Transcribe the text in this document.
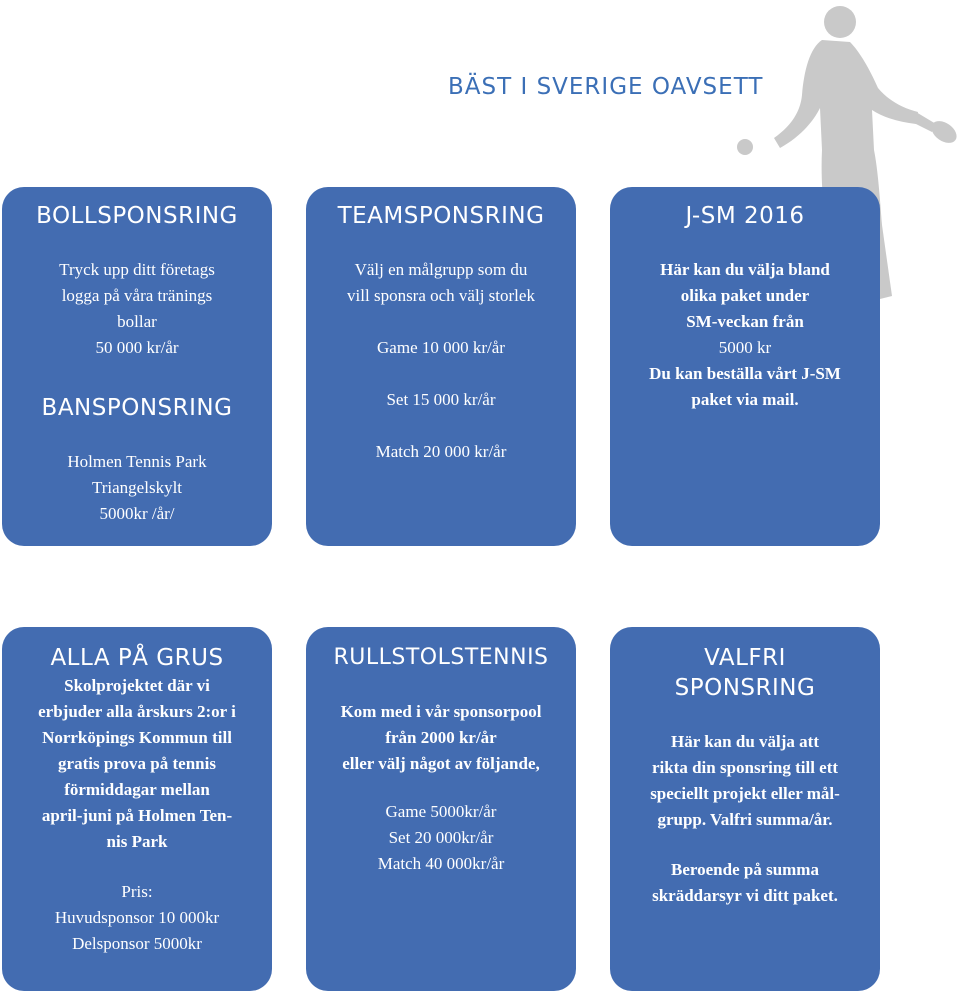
BÄST I SVERIGE OAVSETT
BOLLSPONSRING
Tryck upp ditt företags
logga på våra tränings
bollar
50 000 kr/år
BANSPONSRING
Holmen Tennis Park
Triangelskylt
5000kr /år/
TEAMSPONSRING
Välj en målgrupp som du
vill sponsra och välj storlek
Game 10 000 kr/år
Set 15 000 kr/år
Match 20 000 kr/år
J-SM 2016
Här kan du välja bland
olika paket under
SM-veckan från
5000 kr
Du kan beställa vårt J-SM
paket via mail.
ALLA PÅ GRUS
Skolprojektet där vi
erbjuder alla årskurs 2:or i
Norrköpings Kommun till
gratis prova på tennis
förmiddagar mellan
april-juni på Holmen Ten-
nis Park
Pris:
Huvudsponsor 10 000kr
Delsponsor 5000kr
RULLSTOLSTENNIS
Kom med i vår sponsorpool
från 2000 kr/år
eller välj något av följande,
Game 5000kr/år
Set 20 000kr/år
Match 40 000kr/år
VALFRI
SPONSRING
Här kan du välja att
rikta din sponsring till ett
speciellt projekt eller mål-
grupp. Valfri summa/år.
Beroende på summa
skräddarsyr vi ditt paket.
